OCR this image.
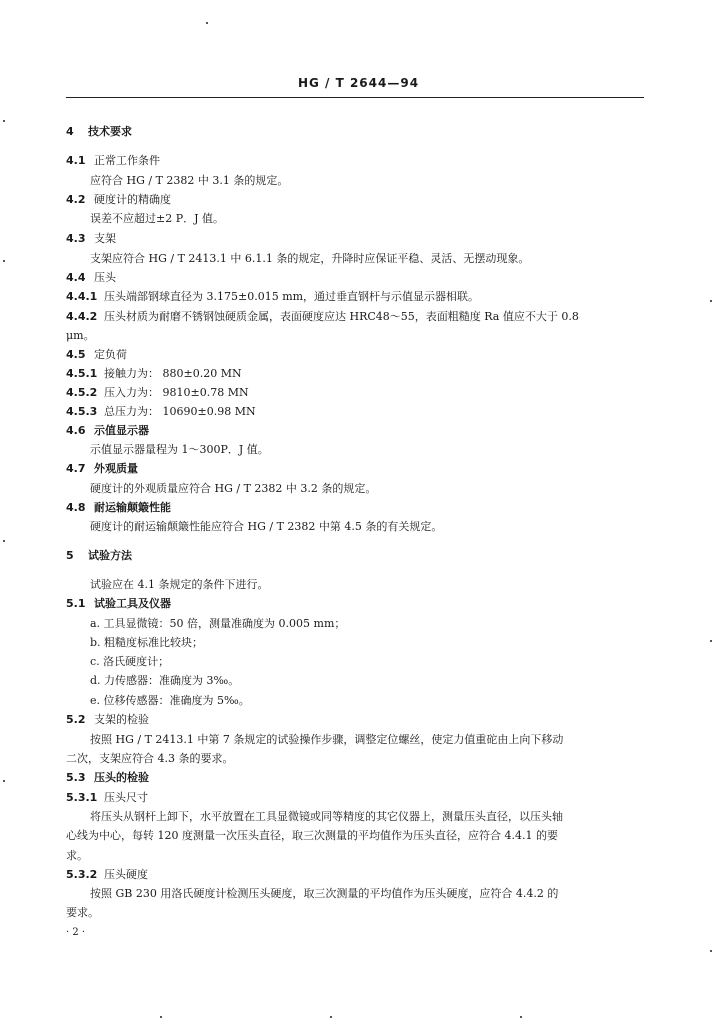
HG / T 2644—94
4 技术要求
4.1 正常工作条件
应符合 HG / T 2382 中 3.1 条的规定。
4.2 硬度计的精确度
误差不应超过±2 P．J 值。
4.3 支架
支架应符合 HG / T 2413.1 中 6.1.1 条的规定，升降时应保证平稳、灵活、无摆动现象。
4.4 压头
4.4.1 压头端部钢球直径为 3.175±0.015 mm，通过垂直钢杆与示值显示器相联。
4.4.2 压头材质为耐磨不锈钢蚀硬质金属，表面硬度应达 HRC48～55，表面粗糙度 Ra 值应不大于 0.8
μm。
4.5 定负荷
4.5.1 接触力为： 880±0.20 MN
4.5.2 压入力为： 9810±0.78 MN
4.5.3 总压力为： 10690±0.98 MN
4.6 示值显示器
示值显示器量程为 1～300P．J 值。
4.7 外观质量
硬度计的外观质量应符合 HG / T 2382 中 3.2 条的规定。
4.8 耐运输颠簸性能
硬度计的耐运输颠簸性能应符合 HG / T 2382 中第 4.5 条的有关规定。
5 试验方法
试验应在 4.1 条规定的条件下进行。
5.1 试验工具及仪器
a. 工具显微镜：50 倍，测量准确度为 0.005 mm；
b. 粗糙度标准比较块；
c. 洛氏硬度计；
d. 力传感器：准确度为 3‰。
e. 位移传感器：准确度为 5‰。
5.2 支架的检验
按照 HG / T 2413.1 中第 7 条规定的试验操作步骤，调整定位螺丝，使定力值重砣由上向下移动
二次，支架应符合 4.3 条的要求。
5.3 压头的检验
5.3.1 压头尺寸
将压头从钢杆上卸下，水平放置在工具显微镜或同等精度的其它仪器上，测量压头直径，以压头轴
心线为中心，每转 120 度测量一次压头直径，取三次测量的平均值作为压头直径，应符合 4.4.1 的要
求。
5.3.2 压头硬度
按照 GB 230 用洛氏硬度计检测压头硬度，取三次测量的平均值作为压头硬度，应符合 4.4.2 的
要求。
· 2 ·
